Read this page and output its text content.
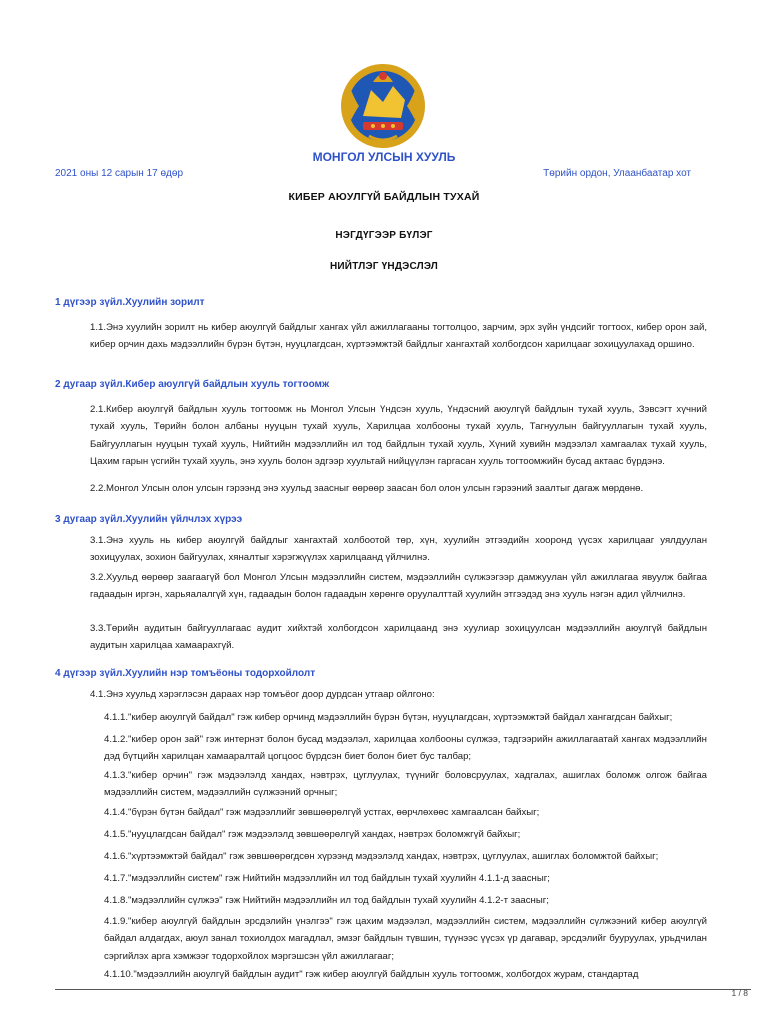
МОНГОЛ УЛСЫН ХУУЛЬ
2021 оны 12 сарын 17 өдөр	Төрийн ордон, Улаанбаатар хот
КИБЕР АЮУЛГҮЙ БАЙДЛЫН ТУХАЙ
НЭГДҮГЭЭР БҮЛЭГ
НИЙТЛЭГ ҮНДЭСЛЭЛ
1 дүгээр зүйл.Хуулийн зорилт
1.1.Энэ хуулийн зорилт нь кибер аюулгүй байдлыг хангах үйл ажиллагааны тогтолцоо, зарчим, эрх зүйн үндсийг тогтоох, кибер орон зай, кибер орчин дахь мэдээллийн бүрэн бүтэн, нууцлагдсан, хүртээмжтэй байдлыг хангахтай холбогдсон харилцааг зохицуулахад оршино.
2 дугаар зүйл.Кибер аюулгүй байдлын хууль тогтоомж
2.1.Кибер аюулгүй байдлын хууль тогтоомж нь Монгол Улсын Үндсэн хууль, Үндэсний аюулгүй байдлын тухай хууль, Зэвсэгт хүчний тухай хууль, Төрийн болон албаны нууцын тухай хууль, Харилцаа холбооны тухай хууль, Тагнуулын байгууллагын тухай хууль, Байгууллагын нууцын тухай хууль, Нийтийн мэдээллийн ил тод байдлын тухай хууль, Хүний хувийн мэдээлэл хамгаалах тухай хууль, Цахим гарын үсгийн тухай хууль, энэ хууль болон эдгээр хуультай нийцүүлэн гаргасан хууль тогтоомжийн бусад актаас бүрдэнэ.
2.2.Монгол Улсын олон улсын гэрээнд энэ хуульд заасныг өөрөөр заасан бол олон улсын гэрээний заалтыг дагаж мөрдөнө.
3 дугаар зүйл.Хуулийн үйлчлэх хүрээ
3.1.Энэ хууль нь кибер аюулгүй байдлыг хангахтай холбоотой төр, хүн, хуулийн этгээдийн хооронд үүсэх харилцааг уялдуулан зохицуулах, зохион байгуулах, хяналтыг хэрэгжүүлэх харилцаанд үйлчилнэ.
3.2.Хуульд өөрөөр заагаагүй бол Монгол Улсын мэдээллийн систем, мэдээллийн сүлжээгээр дамжуулан үйл ажиллагаа явуулж байгаа гадаадын иргэн, харьяалалгүй хүн, гадаадын болон гадаадын хөрөнгө оруулалттай хуулийн этгээдэд энэ хууль нэгэн адил үйлчилнэ.
3.3.Төрийн аудитын байгууллагаас аудит хийхтэй холбогдсон харилцаанд энэ хуулиар зохицуулсан мэдээллийн аюулгүй байдлын аудитын харилцаа хамаарахгүй.
4 дүгээр зүйл.Хуулийн нэр томъёоны тодорхойлолт
4.1.Энэ хуульд хэрэглэсэн дараах нэр томъёог доор дурдсан утгаар ойлгоно:
4.1.1."кибер аюулгүй байдал" гэж кибер орчинд мэдээллийн бүрэн бүтэн, нууцлагдсан, хүртээмжтэй байдал хангагдсан байхыг;
4.1.2."кибер орон зай" гэж интернэт болон бусад мэдээлэл, харилцаа холбооны сүлжээ, тэдгээрийн ажиллагаатай хангах мэдээллийн дэд бүтцийн харилцан хамааралтай цогцоос бүрдсэн биет болон биет бус талбар;
4.1.3."кибер орчин" гэж мэдээлэлд хандах, нэвтрэх, цуглуулах, түүнийг боловсруулах, хадгалах, ашиглах боломж олгож байгаа мэдээллийн систем, мэдээллийн сүлжээний орчныг;
4.1.4."бүрэн бүтэн байдал" гэж мэдээллийг зөвшөөрөлгүй устгах, өөрчлөхөөс хамгаалсан байхыг;
4.1.5."нууцлагдсан байдал" гэж мэдээлэлд зөвшөөрөлгүй хандах, нэвтрэх боломжгүй байхыг;
4.1.6."хүртээмжтэй байдал" гэж зөвшөөрөгдсөн хүрээнд мэдээлэлд хандах, нэвтрэх, цуглуулах, ашиглах боломжтой байхыг;
4.1.7."мэдээллийн систем" гэж Нийтийн мэдээллийн ил тод байдлын тухай хуулийн 4.1.1-д заасныг;
4.1.8."мэдээллийн сүлжээ" гэж Нийтийн мэдээллийн ил тод байдлын тухай хуулийн 4.1.2-т заасныг;
4.1.9."кибер аюулгүй байдлын эрсдэлийн үнэлгээ" гэж цахим мэдээлэл, мэдээллийн систем, мэдээллийн сүлжээний кибер аюулгүй байдал алдагдах, аюул занал тохиолдох магадлал, эмзэг байдлын түвшин, түүнээс үүсэх үр дагавар, эрсдэлийг бууруулах, урьдчилан сэргийлэх арга хэмжээг тодорхойлох мэргэшсэн үйл ажиллагааг;
4.1.10."мэдээллийн аюулгүй байдлын аудит" гэж кибер аюулгүй байдлын хууль тогтоомж, холбогдох журам, стандартад
1 / 8
